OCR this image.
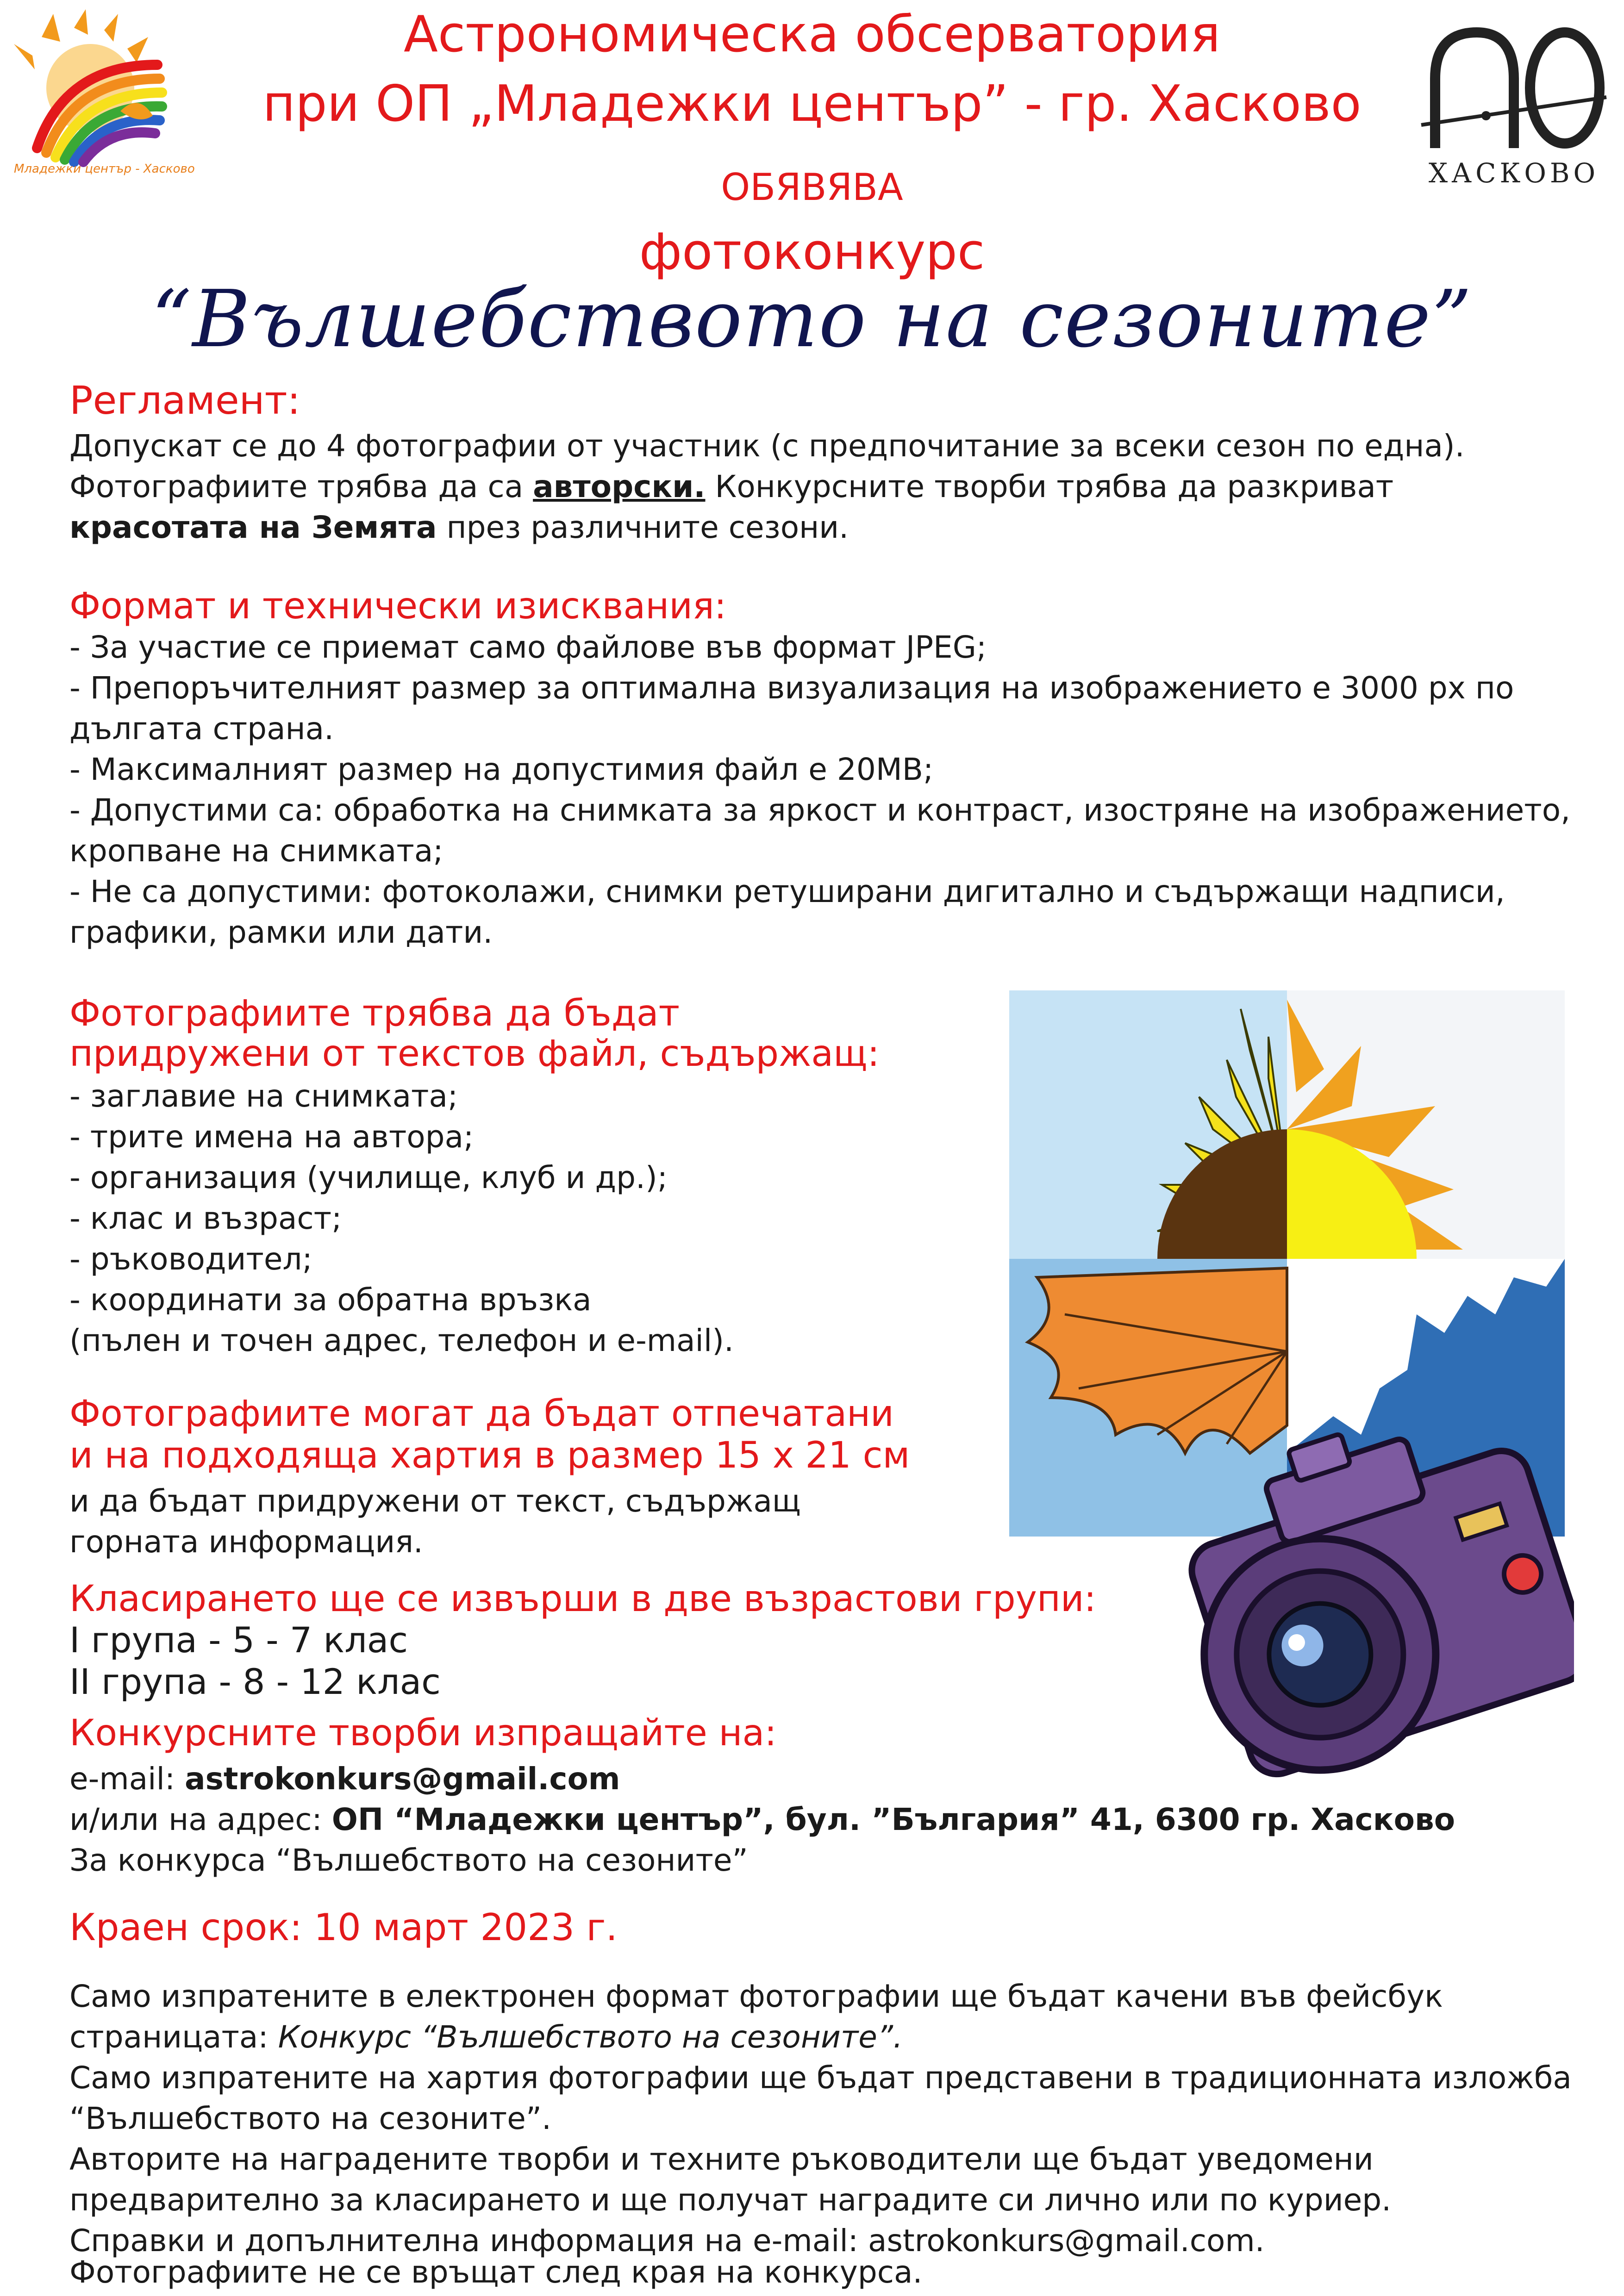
Младежки център - Хасково	ХАСКОВО
Астрономическа обсерватория
при ОП „Младежки център” - гр. Хасково
ОБЯВЯВА
фотоконкурс
“Вълшебството на сезоните”
Регламент:
Допускат се до 4 фотографии от участник (с предпочитание за всеки сезон по една).
Фотографиите трябва да са авторски. Конкурсните творби трябва да разкриват
красотата на Земята през различните сезони.
Формат и технически изисквания:
- За участие се приемат само файлове във формат JPEG;
- Препоръчителният размер за оптимална визуализация на изображението е 3000 px по
дългата страна.
- Максималният размер на допустимия файл е 20MB;
- Допустими са: обработка на снимката за яркост и контраст, изостряне на изображението,
кропване на снимката;
- Не са допустими: фотоколажи, снимки ретуширани дигитално и съдържащи надписи,
графики, рамки или дати.
Фотографиите трябва да бъдат
придружени от текстов файл, съдържащ:
- заглавие на снимката;
- трите имена на автора;
- организация (училище, клуб и др.);
- клас и възраст;
- ръководител;
- координати за обратна връзка
(пълен и точен адрес, телефон и e-mail).
Фотографиите могат да бъдат отпечатани
и на подходяща хартия в размер 15 х 21 см
и да бъдат придружени от текст, съдържащ
горната информация.
Класирането ще се извърши в две възрастови групи:
I група - 5 - 7 клас
II група - 8 - 12 клас
Конкурсните творби изпращайте на:
e-mail: astrokonkurs@gmail.com
и/или на адрес: ОП “Младежки център”, бул. ”България” 41, 6300 гр. Хасково
За конкурса “Вълшебството на сезоните”
Краен срок: 10 март 2023 г.
Само изпратените в електронен формат фотографии ще бъдат качени във фейсбук
страницата: Конкурс “Вълшебството на сезоните”.
Само изпратените на хартия фотографии ще бъдат представени в традиционната изложба
“Вълшебството на сезоните”.
Авторите на наградените творби и техните ръководители ще бъдат уведомени
предварително за класирането и ще получат наградите си лично или по куриер.
Справки и допълнителна информация на e-mail: astrokonkurs@gmail.com.
Фотографиите не се връщат след края на конкурса.
